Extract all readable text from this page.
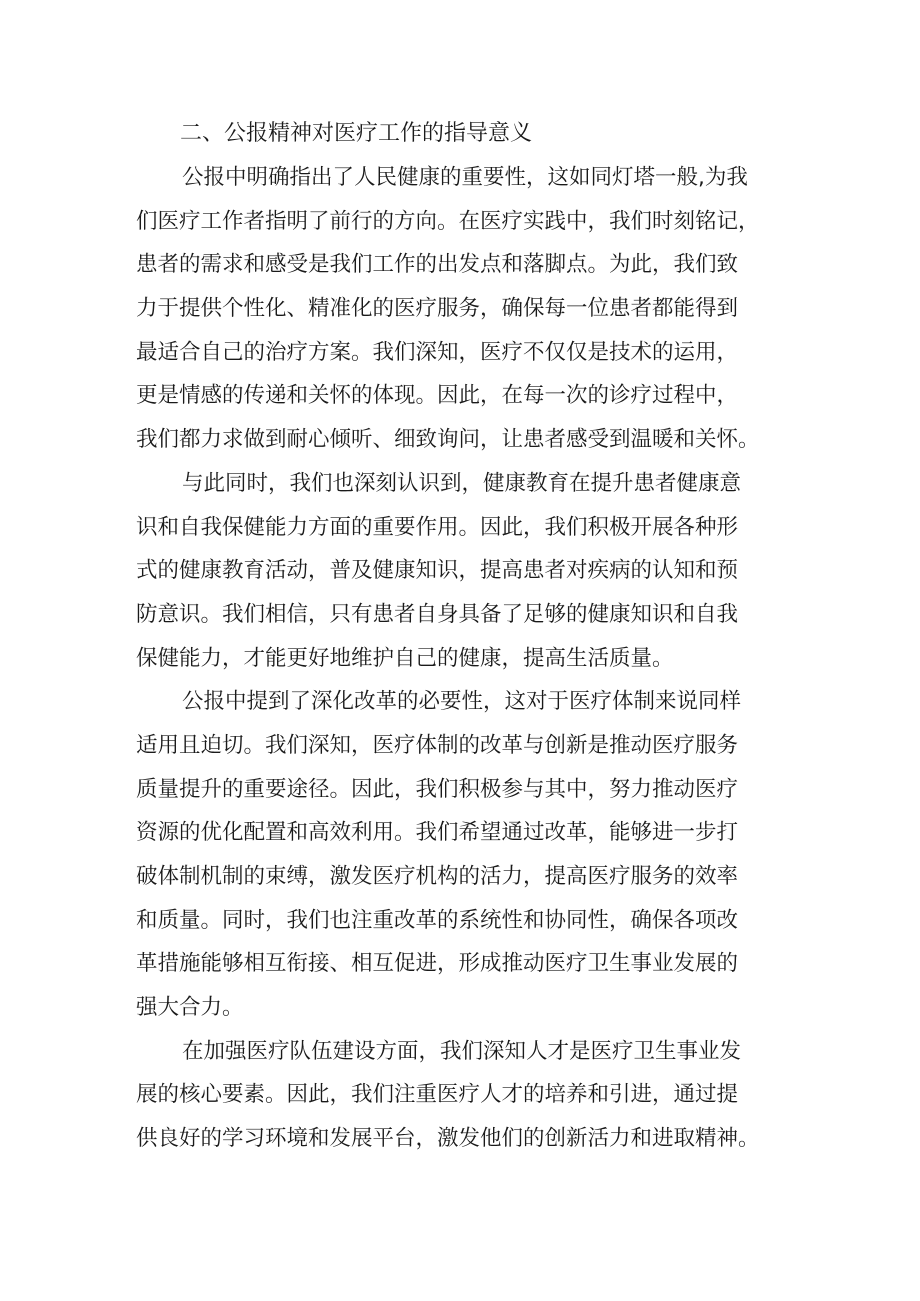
二、公报精神对医疗工作的指导意义
公报中明确指出了人民健康的重要性，这如同灯塔一般,为我
们医疗工作者指明了前行的方向。在医疗实践中，我们时刻铭记，
患者的需求和感受是我们工作的出发点和落脚点。为此，我们致
力于提供个性化、精准化的医疗服务，确保每一位患者都能得到
最适合自己的治疗方案。我们深知，医疗不仅仅是技术的运用，
更是情感的传递和关怀的体现。因此，在每一次的诊疗过程中，
我们都力求做到耐心倾听、细致询问，让患者感受到温暖和关怀。
与此同时，我们也深刻认识到，健康教育在提升患者健康意
识和自我保健能力方面的重要作用。因此，我们积极开展各种形
式的健康教育活动，普及健康知识，提高患者对疾病的认知和预
防意识。我们相信，只有患者自身具备了足够的健康知识和自我
保健能力，才能更好地维护自己的健康，提高生活质量。
公报中提到了深化改革的必要性，这对于医疗体制来说同样
适用且迫切。我们深知，医疗体制的改革与创新是推动医疗服务
质量提升的重要途径。因此，我们积极参与其中，努力推动医疗
资源的优化配置和高效利用。我们希望通过改革，能够进一步打
破体制机制的束缚，激发医疗机构的活力，提高医疗服务的效率
和质量。同时，我们也注重改革的系统性和协同性，确保各项改
革措施能够相互衔接、相互促进，形成推动医疗卫生事业发展的
强大合力。
在加强医疗队伍建设方面，我们深知人才是医疗卫生事业发
展的核心要素。因此，我们注重医疗人才的培养和引进，通过提
供良好的学习环境和发展平台，激发他们的创新活力和进取精神。
